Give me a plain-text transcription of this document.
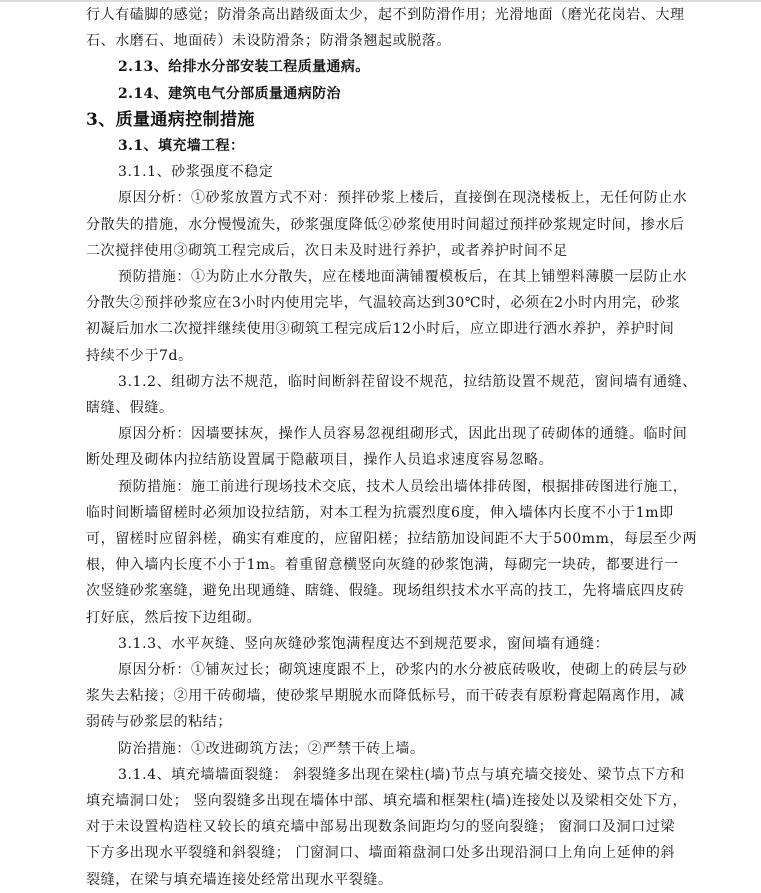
行人有磕脚的感觉；防滑条高出踏级面太少，起不到防滑作用；光滑地面（磨光花岗岩、大理
石、水磨石、地面砖）未设防滑条；防滑条翘起或脱落。
2.13、给排水分部安装工程质量通病。
2.14、建筑电气分部质量通病防治
3、质量通病控制措施
3.1、填充墙工程：
3.1.1、砂浆强度不稳定
原因分析：①砂浆放置方式不对：预拌砂浆上楼后，直接倒在现浇楼板上，无任何防止水
分散失的措施，水分慢慢流失，砂浆强度降低②砂浆使用时间超过预拌砂浆规定时间，掺水后
二次搅拌使用③砌筑工程完成后，次日未及时进行养护，或者养护时间不足
预防措施：①为防止水分散失，应在楼地面满铺覆模板后，在其上铺塑料薄膜一层防止水
分散失②预拌砂浆应在3小时内使用完毕，气温较高达到30℃时，必须在2小时内用完，砂浆
初凝后加水二次搅拌继续使用③砌筑工程完成后12小时后，应立即进行洒水养护，养护时间
持续不少于7d。
3.1.2、组砌方法不规范，临时间断斜茬留设不规范，拉结筋设置不规范，窗间墙有通缝、
瞎缝、假缝。
原因分析：因墙要抹灰，操作人员容易忽视组砌形式，因此出现了砖砌体的通缝。临时间
断处理及砌体内拉结筋设置属于隐蔽项目，操作人员追求速度容易忽略。
预防措施：施工前进行现场技术交底，技术人员绘出墙体排砖图，根据排砖图进行施工，
临时间断墙留槎时必须加设拉结筋，对本工程为抗震烈度6度，伸入墙体内长度不小于1m即
可，留槎时应留斜槎，确实有难度的，应留阳槎；拉结筋加设间距不大于500mm，每层至少两
根，伸入墙内长度不小于1m。着重留意横竖向灰缝的砂浆饱满，每砌完一块砖，都要进行一
次竖缝砂浆塞缝，避免出现通缝、瞎缝、假缝。现场组织技术水平高的技工，先将墙底四皮砖
打好底，然后按下边组砌。
3.1.3、水平灰缝、竖向灰缝砂浆饱满程度达不到规范要求，窗间墙有通缝：
原因分析：①铺灰过长；砌筑速度跟不上，砂浆内的水分被底砖吸收，使砌上的砖层与砂
浆失去粘接；②用干砖砌墙，使砂浆早期脱水而降低标号，而干砖表有原粉膏起隔离作用，减
弱砖与砂浆层的粘结；
防治措施：①改进砌筑方法；②严禁干砖上墙。
3.1.4、填充墙墙面裂缝： 斜裂缝多出现在梁柱(墙)节点与填充墙交接处、梁节点下方和
填充墙洞口处； 竖向裂缝多出现在墙体中部、填充墙和框架柱(墙)连接处以及梁相交处下方，
对于未设置构造柱又较长的填充墙中部易出现数条间距均匀的竖向裂缝； 窗洞口及洞口过梁
下方多出现水平裂缝和斜裂缝； 门窗洞口、墙面箱盘洞口处多出现沿洞口上角向上延伸的斜
裂缝，在梁与填充墙连接处经常出现水平裂缝。
